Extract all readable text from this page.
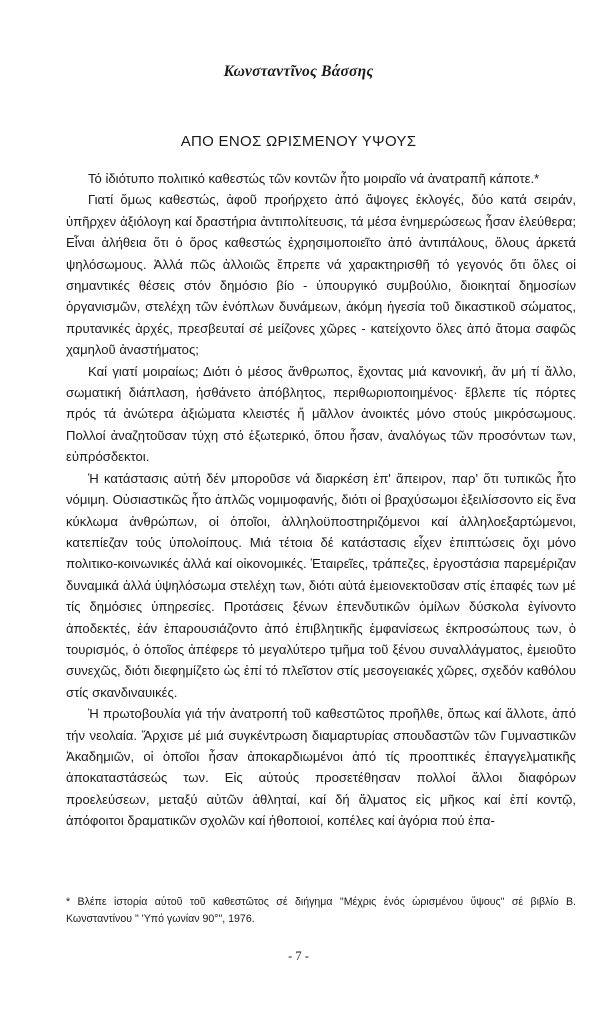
Κωνσταντῖνος Βάσσης
ΑΠΟ ΕΝΟΣ ΩΡΙΣΜΕΝΟΥ ΥΨΟΥΣ

Τό ἰδιότυπο πολιτικό καθεστώς τῶν κοντῶν ἦτο μοιραῖο νά ἀνατραπῆ κάποτε.*

Γιατί ὅμως καθεστώς, ἀφοῦ προήρχετο ἀπό ἄψογες ἐκλογές, δύο κατά σειράν, ὑπῆρχεν ἀξιόλογη καί δραστήρια ἀντιπολίτευσις, τά μέσα ἐνημερώσεως ἦσαν ἐλεύθερα; Εἶναι ἀλήθεια ὅτι ὁ ὅρος καθεστώς ἐχρησιμοποιεῖτο ἀπό ἀντιπάλους, ὅλους ἀρκετά ψηλόσωμους. Ἀλλά πῶς ἀλλοιῶς ἔπρεπε νά χαρακτηρισθῆ τό γεγονός ὅτι ὅλες οἱ σημαντικές θέσεις στόν δημόσιο βίο - ὑπουργικό συμβούλιο, διοικηταί δημοσίων ὀργανισμῶν, στελέχη τῶν ἐνόπλων δυνάμεων, ἀκόμη ἡγεσία τοῦ δικαστικοῦ σώματος, πρυτανικές ἀρχές, πρεσβευταί σέ μείζονες χῶρες - κατείχοντο ὅλες ἀπό ἄτομα σαφῶς χαμηλοῦ ἀναστήματος;

Καί γιατί μοιραίως; Διότι ὁ μέσος ἄνθρωπος, ἔχοντας μιά κανονική, ἄν μή τί ἄλλο, σωματική διάπλαση, ἠσθάνετο ἀπόβλητος, περιθωριοποιημένος· ἔβλεπε τίς πόρτες πρός τά ἀνώτερα ἀξιώματα κλειστές ἤ μᾶλλον ἀνοικτές μόνο στούς μικρόσωμους. Πολλοί ἀναζητοῦσαν τύχη στό ἐξωτερικό, ὅπου ἦσαν, ἀναλόγως τῶν προσόντων των, εὐπρόσδεκτοι.

Ἡ κατάστασις αὐτή δέν μποροῦσε νά διαρκέση ἐπ' ἄπειρον, παρ' ὅτι τυπικῶς ἦτο νόμιμη. Οὐσιαστικῶς ἦτο ἁπλῶς νομιμοφανής, διότι οἱ βραχύσωμοι ἐξειλίσσοντο εἰς ἕνα κύκλωμα ἀνθρώπων, οἱ ὁποῖοι, ἀλληλοϋποστηριζόμενοι καί ἀλληλοεξαρτώμενοι, κατεπίεζαν τούς ὑπολοίπους. Μιά τέτοια δέ κατάστασις εἶχεν ἐπιπτώσεις ὄχι μόνο πολιτικο-κοινωνικές ἀλλά καί οἰκονομικές. Ἑταιρεῖες, τράπεζες, ἐργοστάσια παρεμέριζαν δυναμικά ἀλλά ὑψηλόσωμα στελέχη των, διότι αὐτά ἐμειονεκτοῦσαν στίς ἐπαφές των μέ τίς δημόσιες ὑπηρεσίες. Προτάσεις ξένων ἐπενδυτικῶν ὁμίλων δύσκολα ἐγίνοντο ἀποδεκτές, ἐάν ἐπαρουσιάζοντο ἀπό ἐπιβλητικῆς ἐμφανίσεως ἐκπροσώπους των, ὁ τουρισμός, ὁ ὁποῖος ἀπέφερε τό μεγαλύτερο τμῆμα τοῦ ξένου συναλλάγματος, ἐμειοῦτο συνεχῶς, διότι διεφημίζετο ὡς ἐπί τό πλεῖστον στίς μεσογειακές χῶρες, σχεδόν καθόλου στίς σκανδιναυικές.

Ἡ πρωτοβουλία γιά τήν ἀνατροπή τοῦ καθεστῶτος προῆλθε, ὅπως καί ἄλλοτε, ἀπό τήν νεολαία. Ἄρχισε μέ μιά συγκέντρωση διαμαρτυρίας σπουδαστῶν τῶν Γυμναστικῶν Ἀκαδημιῶν, οἱ ὁποῖοι ἦσαν ἀποκαρδιωμένοι ἀπό τίς προοπτικές ἐπαγγελματικῆς ἀποκαταστάσεώς των. Εἰς αὐτούς προσετέθησαν πολλοί ἄλλοι διαφόρων προελεύσεων, μεταξύ αὐτῶν ἀθληταί, καί δή ἅλματος εἰς μῆκος καί ἐπί κοντῷ, ἀπόφοιτοι δραματικῶν σχολῶν καί ἠθοποιοί, κοπέλες καί ἀγόρια πού ἐπα-

* Βλέπε ἱστορία αὐτοῦ τοῦ καθεστῶτος σέ διήγημα "Μέχρις ἑνός ὡρισμένου ὕψους" σέ βιβλίο Β. Κωνσταντίνου " 'Υπό γωνίαν 90°", 1976.
- 7 -
